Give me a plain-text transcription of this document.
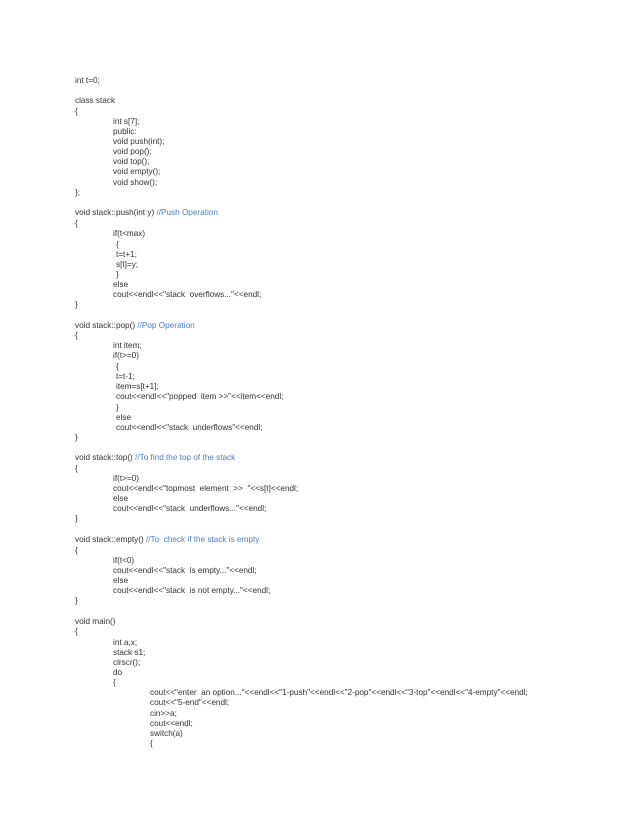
int t=0;
class stack
{
int s[7];
public:
void push(int);
void pop();
void top();
void empty();
void show();
};
void stack::push(int y) //Push Operation
{
if(t<max)
{
t=t+1;
s[t]=y;
}
else
cout<<endl<<"stack  overflows..."<<endl;
}
void stack::pop() //Pop Operation
{
int item;
if(t>=0)
{
t=t-1;
item=s[t+1];
cout<<endl<<"popped  item >>"<<item<<endl;
}
else
cout<<endl<<"stack  underflows"<<endl;
}
void stack::top() //To find the top of the stack
{
if(t>=0)
cout<<endl<<"topmost  element  >>  "<<s[t]<<endl;
else
cout<<endl<<"stack  underflows..."<<endl;
}
void stack::empty() //To  check if the stack is empty
{
if(t<0)
cout<<endl<<"stack  is empty..."<<endl;
else
cout<<endl<<"stack  is not empty..."<<endl;
}
void main()
{
int a,x;
stack s1;
clrscr();
do
{
cout<<"enter  an option..."<<endl<<"1-push"<<endl<<"2-pop"<<endl<<"3-top"<<endl<<"4-empty"<<endl;
cout<<"5-end"<<endl;
cin>>a;
cout<<endl;
switch(a)
{
